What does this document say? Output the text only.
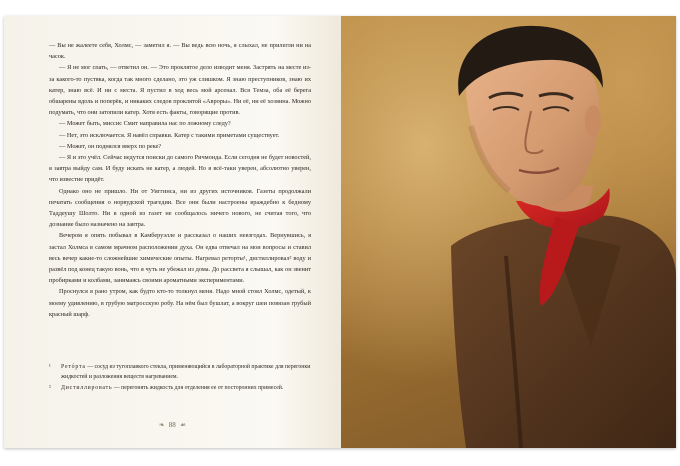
— Вы не жалеете себя, Холмс, — заметил я. — Вы ведь всю ночь, я слыхал, не прилегли ни на часок.

— Я не мог спать, — ответил он. — Это проклятое дело изводит меня. Застрять на месте из-за какого-то пустяка, когда так много сделано, это уж слишком. Я знаю преступников, знаю их катер, знаю всё. И ни с места. Я пустил в ход весь мой арсенал. Вся Темза, оба её берега обшарены вдоль и поперёк, и никаких следов проклятой «Авроры». Ни её, ни её хозяина. Можно подумать, что они затопили катер. Хотя есть факты, говорящие против.

— Может быть, миссис Смит направила нас по ложному следу?

— Нет, это исключается. Я навёл справки. Катер с такими приметами существует.

— Может, он поднялся вверх по реке?

— Я и это учёл. Сейчас ведутся поиски до самого Ричмонда. Если сегодня не будет новостей, я завтра выйду сам. И буду искать не катер, а людей. Но я всё-таки уверен, абсолютно уверен, что известие придёт.

Однако оно не пришло. Ни от Уиггинса, ни из других источников. Газеты продолжали печатать сообщения о норвудской трагедии. Все они были настроены враждебно к бедному Таддеушу Шолто. Ни в одной из газет не сообщалось ничего нового, не считая того, что дознание было назначено на завтра.

Вечером я опять побывал в Камберуэлле и рассказал о наших невзгодах. Вернувшись, я застал Холмса в самом мрачном расположении духа. Он едва отвечал на мои вопросы и ставил весь вечер какие-то сложнейшие химические опыты. Нагревал реторты¹, дистиллировал² воду и развёл под конец такую вонь, что я чуть не убежал из дома. До рассвета я слышал, как он звенит пробирками и колбами, занимаясь своими ароматными экспериментами.

Проснулся я рано утром, как будто кто-то толкнул меня. Надо мной стоял Холмс, одетый, к моему удивлению, в грубую матросскую робу. На нём был бушлат, а вокруг шеи повязан грубый красный шарф.

¹	Ретóрта — сосуд из тугоплавкого стекла, применяющийся в лабораторной практике для перегонки жидкостей и разложения веществ нагреванием.
²	Дистиллировать — перегонять жидкость для отделения ее от посторонних примесей.
❧ 88 ☙
